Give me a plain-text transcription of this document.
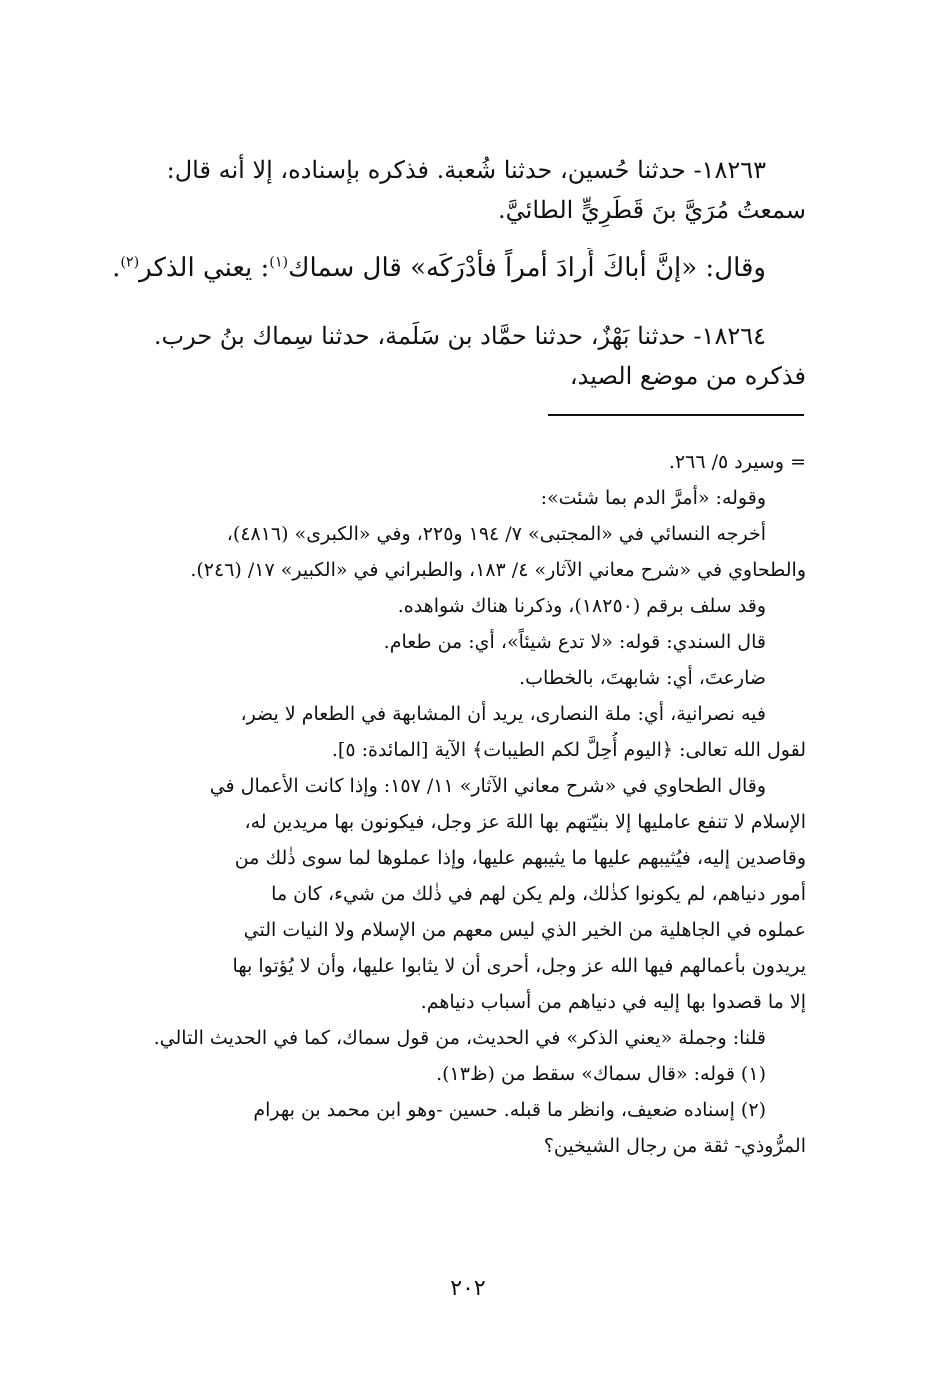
١٨٢٦٣- حدثنا حُسين، حدثنا شُعبة. فذكره بإسناده، إلا أنه قال:
سمعتُ مُرَيَّ بنَ قَطَرِيٍّ الطائيَّ.
وقال: «إنَّ أباكَ أَرادَ أمراً فأَدْرَكَه» قال سماك$^{(١)}$: يعني الذكر$^{(٢)}$.
١٨٢٦٤- حدثنا بَهْزٌ، حدثنا حمَّاد بن سَلَمة، حدثنا سِماك بنُ حرب.
فذكره من موضع الصيد،
= وسيرد ٥/ ٢٦٦.
وقوله: «أمرَّ الدم بما شئت»:
أخرجه النسائي في «المجتبى» ٧/ ١٩٤ و٢٢٥، وفي «الكبرى» (٤٨١٦)،
والطحاوي في «شرح معاني الآثار» ٤/ ١٨٣، والطبراني في «الكبير» ١٧/ (٢٤٦).
وقد سلف برقم (١٨٢٥٠)، وذكرنا هناك شواهده.
قال السندي: قوله: «لا تدع شيئاً»، أي: من طعام.
ضارعتَ، أي: شابهتَ، بالخطاب.
فيه نصرانية، أي: ملة النصارى، يريد أن المشابهة في الطعام لا يضر،
لقول الله تعالى: ﴿اليوم أُحِلَّ لكم الطيبات﴾ الآية [المائدة: ٥].
وقال الطحاوي في «شرح معاني الآثار» ١١/ ١٥٧: وإذا كانت الأعمال في
الإسلام لا تنفع عامليها إلا بنيّتهم بها اللهَ عز وجل، فيكونون بها مريدين له،
وقاصدين إليه، فيُثيبهم عليها ما يثيبهم عليها، وإذا عملوها لما سوى ذٰلك من
أمور دنياهم، لم يكونوا كذٰلك، ولم يكن لهم في ذٰلك من شيء، كان ما
عملوه في الجاهلية من الخير الذي ليس معهم من الإسلام ولا النيات التي
يريدون بأعمالهم فيها الله عز وجل، أحرى أن لا يثابوا عليها، وأن لا يُؤتوا بها
إلا ما قصدوا بها إليه في دنياهم من أسباب دنياهم.
قلنا: وجملة «يعني الذكر» في الحديث، من قول سماك، كما في الحديث التالي.
(١) قوله: «قال سماك» سقط من (ظ١٣).
(٢) إسناده ضعيف، وانظر ما قبله. حسين -وهو ابن محمد بن بهرام
المرُّوذي- ثقة من رجال الشيخين؟
٢٠٢
